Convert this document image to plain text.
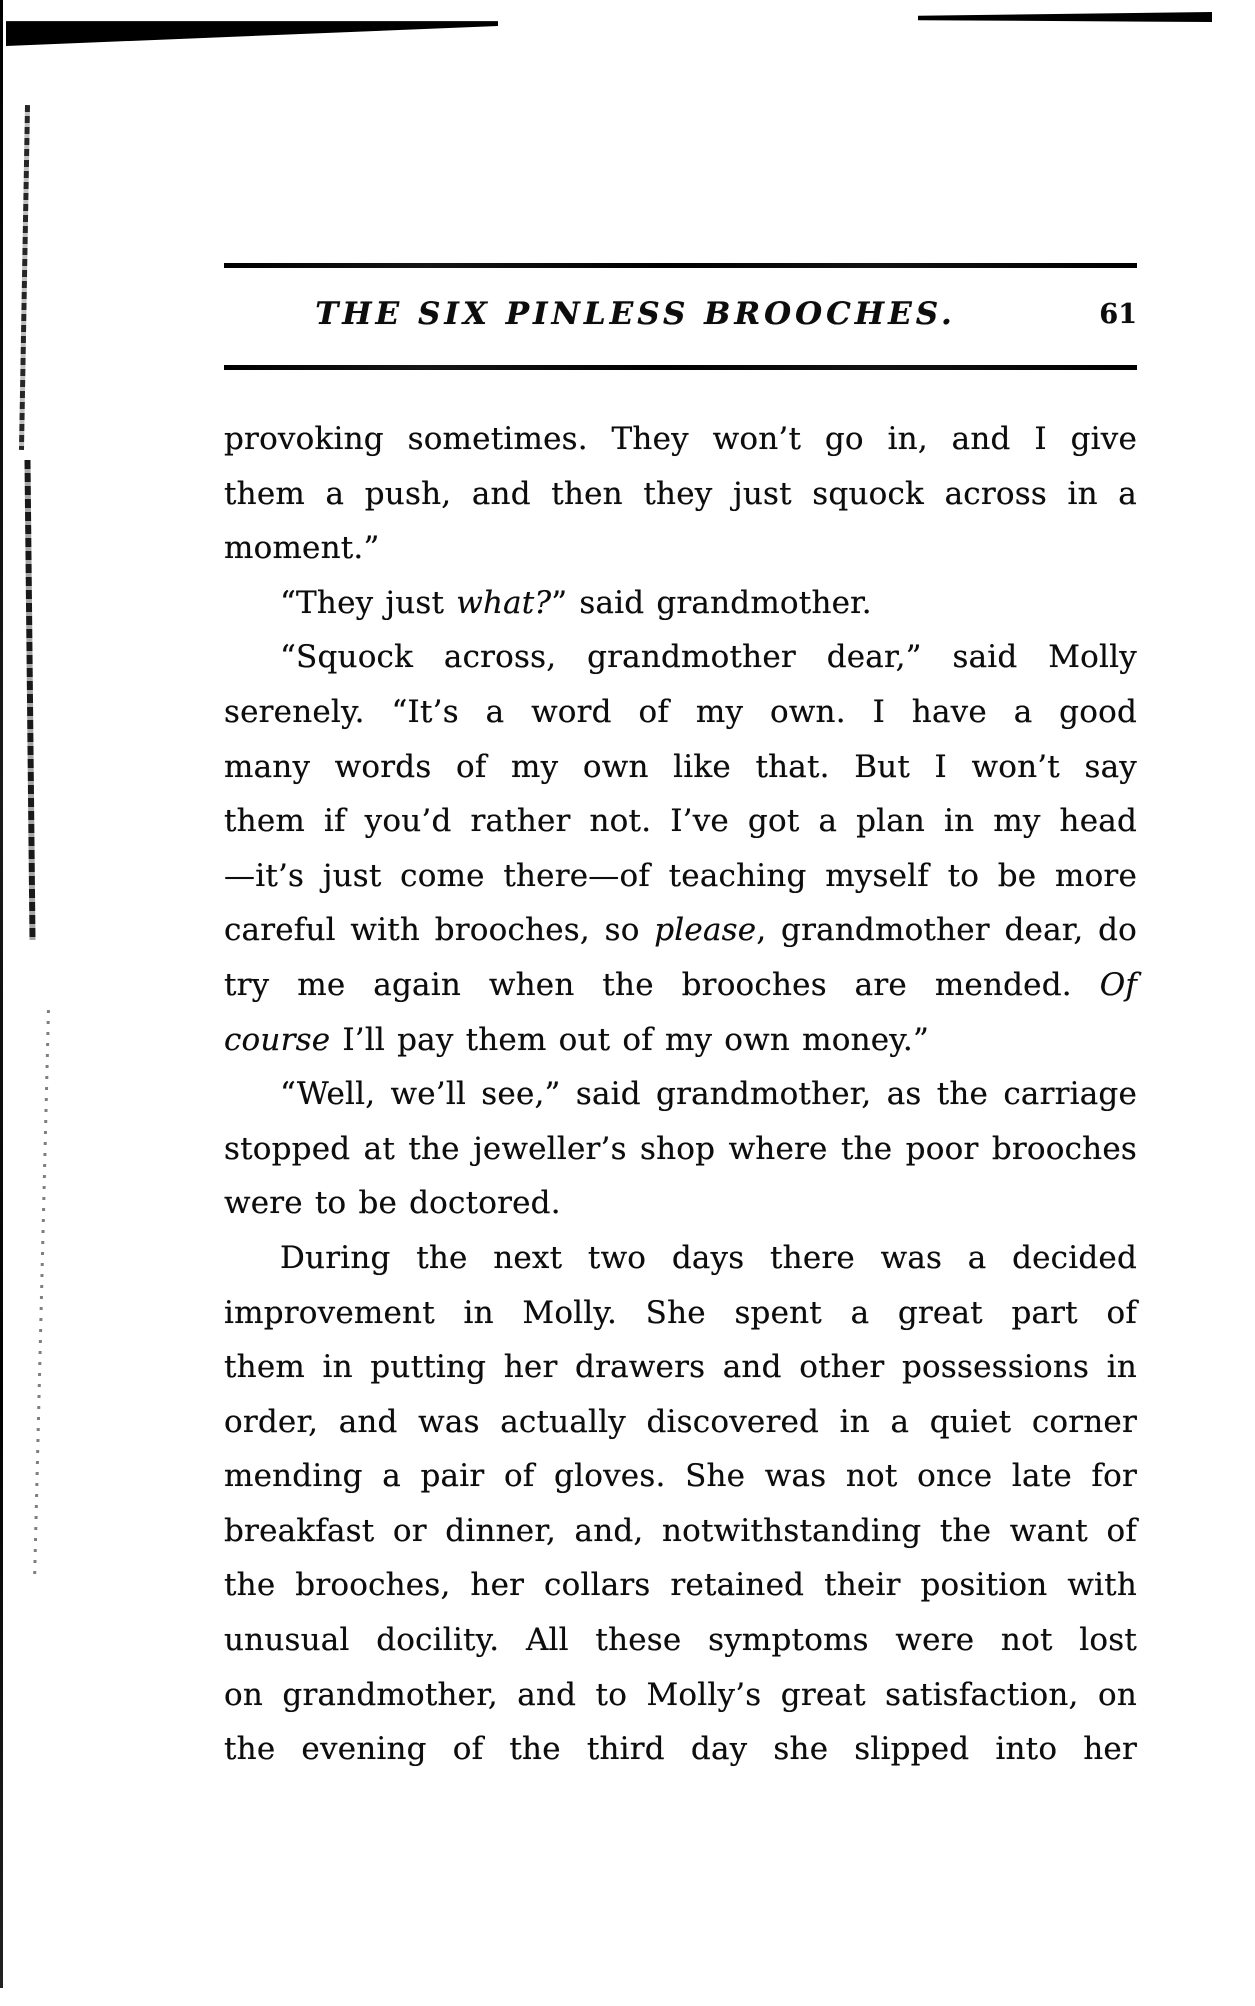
THE SIX PINLESS BROOCHES.	61
provoking sometimes. They won’t go in, and I give
them a push, and then they just squock across in a
moment.”
“They just what?” said grandmother.
“Squock across, grandmother dear,” said Molly
serenely. “It’s a word of my own. I have a good
many words of my own like that. But I won’t say
them if you’d rather not. I’ve got a plan in my head
—it’s just come there—of teaching myself to be more
careful with brooches, so please, grandmother dear, do
try me again when the brooches are mended. Of
course I’ll pay them out of my own money.”
“Well, we’ll see,” said grandmother, as the carriage
stopped at the jeweller’s shop where the poor brooches
were to be doctored.
During the next two days there was a decided
improvement in Molly. She spent a great part of
them in putting her drawers and other possessions in
order, and was actually discovered in a quiet corner
mending a pair of gloves. She was not once late for
breakfast or dinner, and, notwithstanding the want of
the brooches, her collars retained their position with
unusual docility. All these symptoms were not lost
on grandmother, and to Molly’s great satisfaction, on
the evening of the third day she slipped into her
